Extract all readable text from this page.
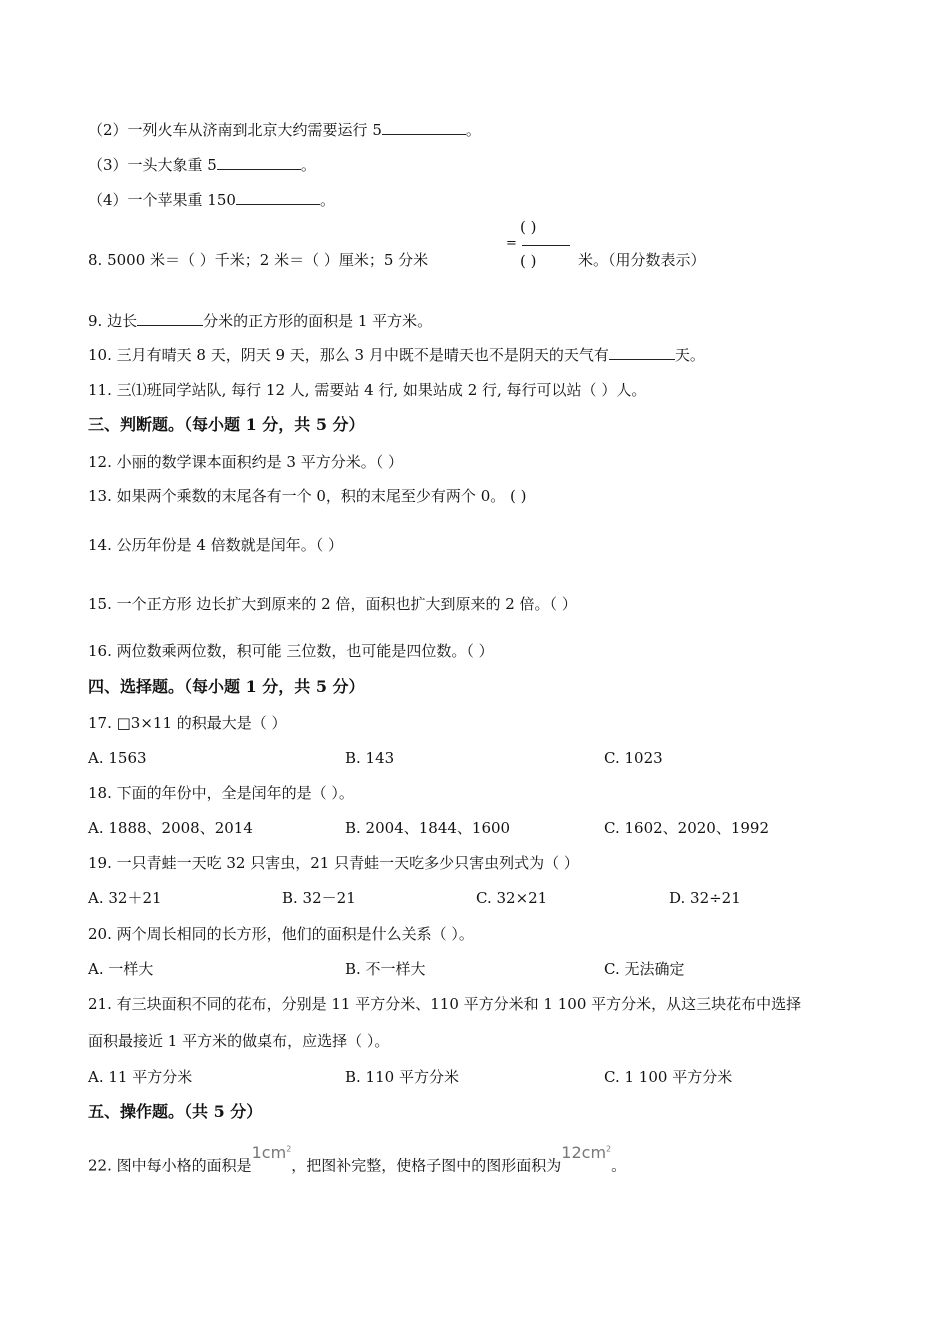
（2）一列火车从济南到北京大约需要运行 5	。
（3）一头大象重 5	。
（4）一个苹果重 150	。
8. 5000 米＝（ ）千米；2 米＝（ ）厘米；5 分米
=
( )
( )	米。（用分数表示）
9. 边长	分米的正方形的面积是 1 平方米。
10. 三月有晴天 8 天，阴天 9 天，那么 3 月中既不是晴天也不是阴天的天气有	天。
11. 三⑴班同学站队, 每行 12 人, 需要站 4 行, 如果站成 2 行, 每行可以站（ ）人。
三、判断题。（每小题 1 分，共 5 分）
12. 小丽的数学课本面积约是 3 平方分米。（ ）
13. 如果两个乘数的末尾各有一个 0，积的末尾至少有两个 0。 ( )
14. 公历年份是 4 倍数就是闰年。（ ）
15. 一个正方形 边长扩大到原来的 2 倍，面积也扩大到原来的 2 倍。（ ）
16. 两位数乘两位数，积可能 三位数，也可能是四位数。（ ）
四、选择题。（每小题 1 分，共 5 分）
17. □3×11 的积最大是（ ）
A. 1563	B. 143	C. 1023
18. 下面的年份中，全是闰年的是（ ）。
A. 1888、2008、2014	B. 2004、1844、1600	C. 1602、2020、1992
19. 一只青蛙一天吃 32 只害虫，21 只青蛙一天吃多少只害虫列式为（ ）
A. 32＋21	B. 32－21	C. 32×21	D. 32÷21
20. 两个周长相同的长方形，他们的面积是什么关系（ ）。
A. 一样大	B. 不一样大	C. 无法确定
21. 有三块面积不同的花布，分别是 11 平方分米、110 平方分米和 1 100 平方分米，从这三块花布中选择
面积最接近 1 平方米的做桌布，应选择（ ）。
A. 11 平方分米	B. 110 平方分米	C. 1 100 平方分米
五、操作题。（共 5 分）
22. 图中每小格的面积是$1cm^2$，把图补完整，使格子图中的图形面积为$12cm^2$。
